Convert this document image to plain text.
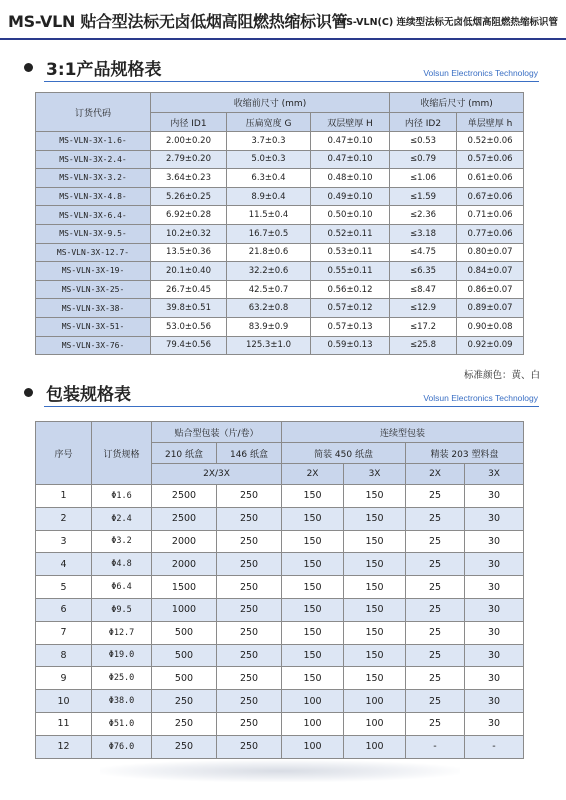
MS-VLN 贴合型法标无卤低烟高阻燃热缩标识管
MS-VLN(C) 连续型法标无卤低烟高阻燃热缩标识管
3:1产品规格表	Volsun Electronics Technology
订货代码	收缩前尺寸 (mm)			收缩后尺寸 (mm)	
	内径 ID1	压扁宽度 G	双层壁厚 H	内径 ID2	单层壁厚 h
MS-VLN-3X-1.6-	2.00±0.20	3.7±0.3	0.47±0.10	≤0.53	0.52±0.06
MS-VLN-3X-2.4-	2.79±0.20	5.0±0.3	0.47±0.10	≤0.79	0.57±0.06
MS-VLN-3X-3.2-	3.64±0.23	6.3±0.4	0.48±0.10	≤1.06	0.61±0.06
MS-VLN-3X-4.8-	5.26±0.25	8.9±0.4	0.49±0.10	≤1.59	0.67±0.06
MS-VLN-3X-6.4-	6.92±0.28	11.5±0.4	0.50±0.10	≤2.36	0.71±0.06
MS-VLN-3X-9.5-	10.2±0.32	16.7±0.5	0.52±0.11	≤3.18	0.77±0.06
MS-VLN-3X-12.7-	13.5±0.36	21.8±0.6	0.53±0.11	≤4.75	0.80±0.07
MS-VLN-3X-19-	20.1±0.40	32.2±0.6	0.55±0.11	≤6.35	0.84±0.07
MS-VLN-3X-25-	26.7±0.45	42.5±0.7	0.56±0.12	≤8.47	0.86±0.07
MS-VLN-3X-38-	39.8±0.51	63.2±0.8	0.57±0.12	≤12.9	0.89±0.07
MS-VLN-3X-51-	53.0±0.56	83.9±0.9	0.57±0.13	≤17.2	0.90±0.08
MS-VLN-3X-76-	79.4±0.56	125.3±1.0	0.59±0.13	≤25.8	0.92±0.09
标准颜色：黄、白
包装规格表	Volsun Electronics Technology
序号	订货规格	贴合型包装（片/卷）		连续型包装			
		210 纸盒	146 纸盒	简装 450 纸盘		精装 203 塑料盘	
		2X/3X		2X	3X	2X	3X
1	Φ1.6	2500	250	150	150	25	30
2	Φ2.4	2500	250	150	150	25	30
3	Φ3.2	2000	250	150	150	25	30
4	Φ4.8	2000	250	150	150	25	30
5	Φ6.4	1500	250	150	150	25	30
6	Φ9.5	1000	250	150	150	25	30
7	Φ12.7	500	250	150	150	25	30
8	Φ19.0	500	250	150	150	25	30
9	Φ25.0	500	250	150	150	25	30
10	Φ38.0	250	250	100	100	25	30
11	Φ51.0	250	250	100	100	25	30
12	Φ76.0	250	250	100	100	-	-
